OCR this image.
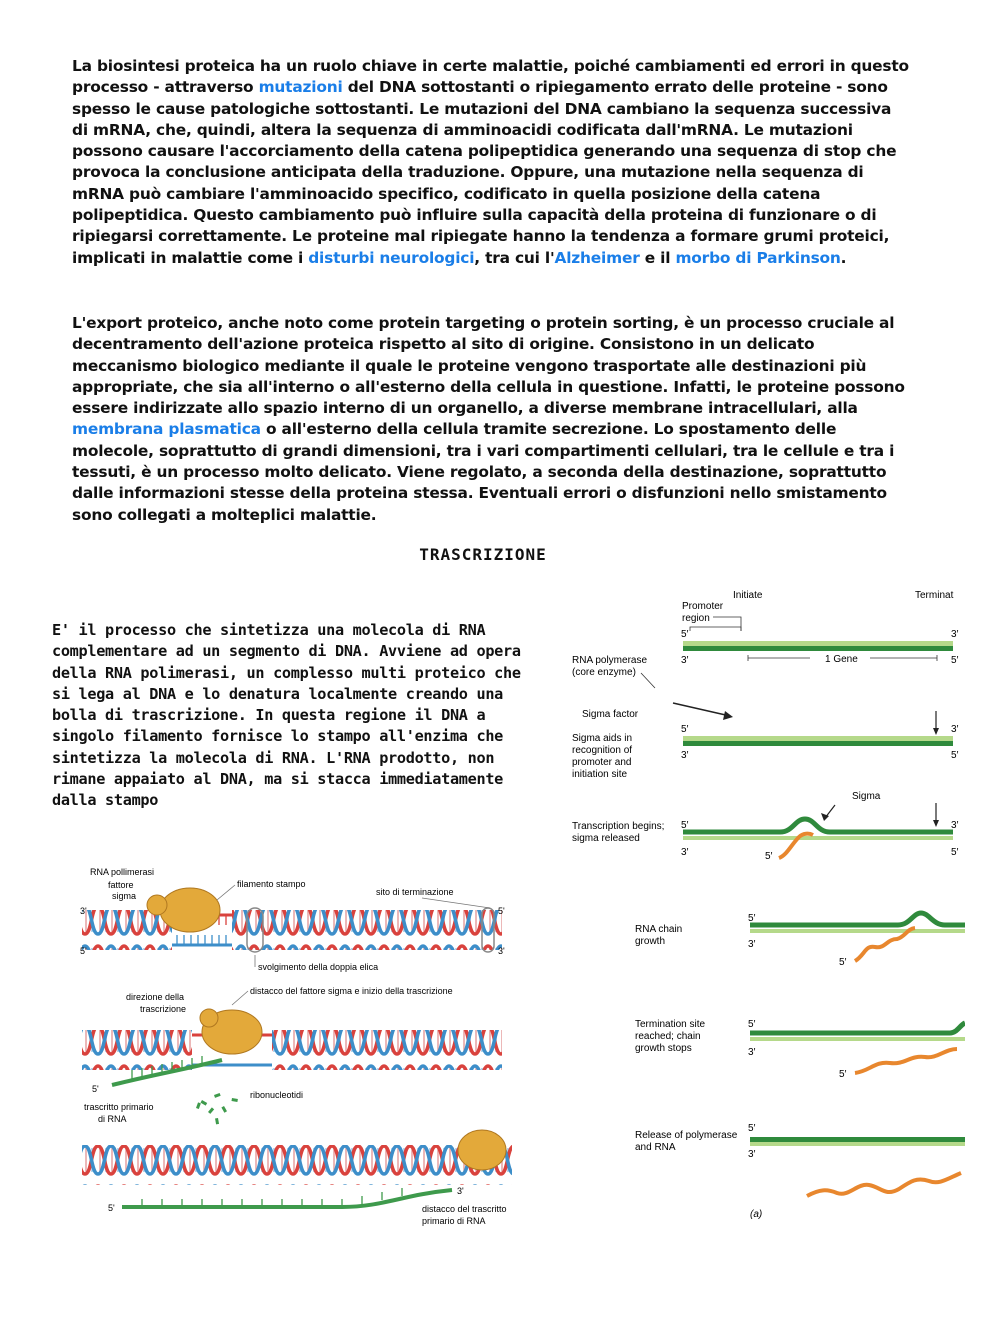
La biosintesi proteica ha un ruolo chiave in certe malattie, poiché cambiamenti ed errori in questo processo - attraverso mutazioni del DNA sottostanti o ripiegamento errato delle proteine - sono spesso le cause patologiche sottostanti. Le mutazioni del DNA cambiano la sequenza successiva di mRNA, che, quindi, altera la sequenza di amminoacidi codificata dall'mRNA. Le mutazioni possono causare l'accorciamento della catena polipeptidica generando una sequenza di stop che provoca la conclusione anticipata della traduzione. Oppure, una mutazione nella sequenza di mRNA può cambiare l'amminoacido specifico, codificato in quella posizione della catena polipeptidica. Questo cambiamento può influire sulla capacità della proteina di funzionare o di ripiegarsi correttamente. Le proteine mal ripiegate hanno la tendenza a formare grumi proteici, implicati in malattie come i disturbi neurologici, tra cui l'Alzheimer e il morbo di Parkinson.
L'export proteico, anche noto come protein targeting o protein sorting, è un processo cruciale al decentramento dell'azione proteica rispetto al sito di origine. Consistono in un delicato meccanismo biologico mediante il quale le proteine vengono trasportate alle destinazioni più appropriate, che sia all'interno o all'esterno della cellula in questione. Infatti, le proteine possono essere indirizzate allo spazio interno di un organello, a diverse membrane intracellulari, alla membrana plasmatica o all'esterno della cellula tramite secrezione. Lo spostamento delle molecole, soprattutto di grandi dimensioni, tra i vari compartimenti cellulari, tra le cellule e tra i tessuti, è un processo molto delicato. Viene regolato, a seconda della destinazione, soprattutto dalle informazioni stesse della proteina stessa. Eventuali errori o disfunzioni nello smistamento sono collegati a molteplici malattie.
TRASCRIZIONE
E' il processo che sintetizza una molecola di RNA complementare ad un segmento di DNA. Avviene ad opera della RNA polimerasi, un complesso multi proteico che si lega al DNA e lo denatura localmente creando una bolla di trascrizione. In questa regione il DNA a singolo filamento fornisce lo stampo all'enzima che sintetizza la molecola di RNA. L'RNA prodotto, non rimane appaiato al DNA, ma si stacca immediatamente dalla stampo
RNA pollimerasi
fattore
sigma
filamento stampo
sito di terminazione
svolgimento della doppia elica
3'
5'
5'
3'
direzione della
trascrizione
distacco del fattore sigma e inizio della trascrizione
trascritto primario
di RNA
ribonucleotidi
5'
distacco del trascritto
primario di RNA
5'
3'
Initiate	Terminat
Promoter
region
5′
3′
3′
5′
1 Gene
RNA polymerase
(core enzyme)
Sigma factor
Sigma aids in
recognition of
promoter and
initiation site
5′
3′
3′
5′
Sigma
Transcription begins;
sigma released
5′
3′	5′
3′
5′
RNA chain
growth
5′
3′
5′
Termination site
reached; chain
growth stops
5′
3′
5′
Release of polymerase
and RNA
5′
3′
(a)
